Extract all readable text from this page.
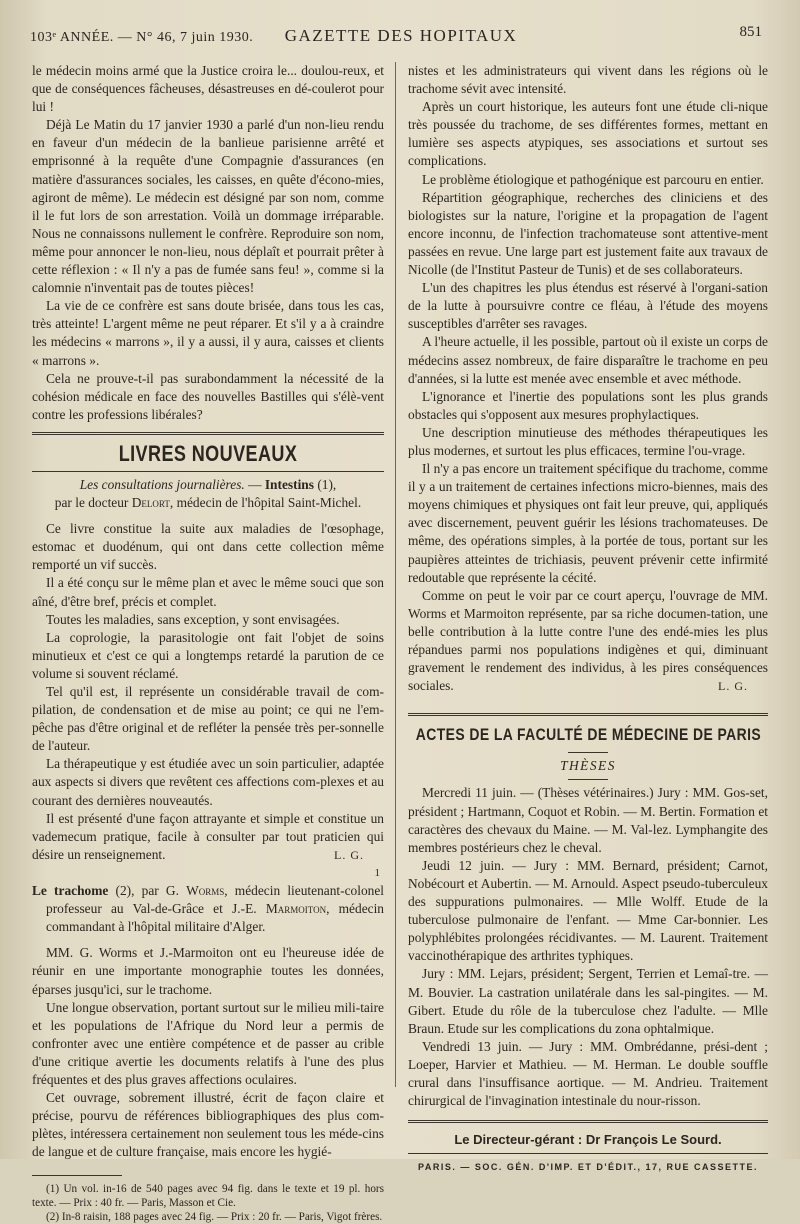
103ᵉ ANNÉE. — N° 46, 7 juin 1930.	GAZETTE DES HOPITAUX	851

le médecin moins armé que la Justice croira le... doulou-reux, et que de conséquences fâcheuses, désastreuses en dé-coulerot pour lui !

Déjà Le Matin du 17 janvier 1930 a parlé d'un non-lieu rendu en faveur d'un médecin de la banlieue parisienne arrêté et emprisonné à la requête d'une Compagnie d'assurances (en matière d'assurances sociales, les caisses, en quête d'écono-mies, agiront de même). Le médecin est désigné par son nom, comme il le fut lors de son arrestation. Voilà un dommage irréparable. Nous ne connaissons nullement le confrère. Reproduire son nom, même pour annoncer le non-lieu, nous déplaît et pourrait prêter à cette réflexion : « Il n'y a pas de fumée sans feu! », comme si la calomnie n'inventait pas de toutes pièces!

La vie de ce confrère est sans doute brisée, dans tous les cas, très atteinte! L'argent même ne peut réparer. Et s'il y a à craindre les médecins « marrons », il y a aussi, il y aura, caisses et clients « marrons ».

Cela ne prouve-t-il pas surabondamment la nécessité de la cohésion médicale en face des nouvelles Bastilles qui s'élè-vent contre les professions libérales?

LIVRES NOUVEAUX

Les consultations journalières. — Intestins (1),
par le docteur Delort, médecin de l'hôpital Saint-Michel.

Ce livre constitue la suite aux maladies de l'œsophage, estomac et duodénum, qui ont dans cette collection même remporté un vif succès.

Il a été conçu sur le même plan et avec le même souci que son aîné, d'être bref, précis et complet.

Toutes les maladies, sans exception, y sont envisagées.

La coprologie, la parasitologie ont fait l'objet de soins minutieux et c'est ce qui a longtemps retardé la parution de ce volume si souvent réclamé.

Tel qu'il est, il représente un considérable travail de com-pilation, de condensation et de mise au point; ce qui ne l'em-pêche pas d'être original et de refléter la pensée très per-sonnelle de l'auteur.

La thérapeutique y est étudiée avec un soin particulier, adaptée aux aspects si divers que revêtent ces affections com-plexes et au courant des dernières nouveautés.

Il est présenté d'une façon attrayante et simple et constitue un vademecum pratique, facile à consulter par tout praticien qui désire un renseignement.	L. G.

1

Le trachome (2), par G. Worms, médecin lieutenant-colonel professeur au Val-de-Grâce et J.-E. Marmoiton, médecin commandant à l'hôpital militaire d'Alger.

MM. G. Worms et J.-Marmoiton ont eu l'heureuse idée de réunir en une importante monographie toutes les données, éparses jusqu'ici, sur le trachome.

Une longue observation, portant surtout sur le milieu mili-taire et les populations de l'Afrique du Nord leur a permis de confronter avec une entière compétence et de passer au crible d'une critique avertie les documents relatifs à l'une des plus fréquentes et des plus graves affections oculaires.

Cet ouvrage, sobrement illustré, écrit de façon claire et précise, pourvu de références bibliographiques des plus com-plètes, intéressera certainement non seulement tous les méde-cins de langue et de culture française, mais encore les hygié-

(1) Un vol. in-16 de 540 pages avec 94 fig. dans le texte et 19 pl. hors texte. — Prix : 40 fr. — Paris, Masson et Cie.

(2) In-8 raisin, 188 pages avec 24 fig. — Prix : 20 fr. — Paris, Vigot frères.

nistes et les administrateurs qui vivent dans les régions où le trachome sévit avec intensité.

Après un court historique, les auteurs font une étude cli-nique très poussée du trachome, de ses différentes formes, mettant en lumière ses aspects atypiques, ses associations et surtout ses complications.

Le problème étiologique et pathogénique est parcouru en entier.

Répartition géographique, recherches des cliniciens et des biologistes sur la nature, l'origine et la propagation de l'agent encore inconnu, de l'infection trachomateuse sont attentive-ment passées en revue. Une large part est justement faite aux travaux de Nicolle (de l'Institut Pasteur de Tunis) et de ses collaborateurs.

L'un des chapitres les plus étendus est réservé à l'organi-sation de la lutte à poursuivre contre ce fléau, à l'étude des moyens susceptibles d'arrêter ses ravages.

A l'heure actuelle, il les possible, partout où il existe un corps de médecins assez nombreux, de faire disparaître le trachome en peu d'années, si la lutte est menée avec ensemble et avec méthode.

L'ignorance et l'inertie des populations sont les plus grands obstacles qui s'opposent aux mesures prophylactiques.

Une description minutieuse des méthodes thérapeutiques les plus modernes, et surtout les plus efficaces, termine l'ou-vrage.

Il n'y a pas encore un traitement spécifique du trachome, comme il y a un traitement de certaines infections micro-biennes, mais des moyens chimiques et physiques ont fait leur preuve, qui, appliqués avec discernement, peuvent guérir les lésions trachomateuses. De même, des opérations simples, à la portée de tous, portant sur les paupières atteintes de trichiasis, peuvent prévenir cette infirmité redoutable que représente la cécité.

Comme on peut le voir par ce court aperçu, l'ouvrage de MM. Worms et Marmoiton représente, par sa riche documen-tation, une belle contribution à la lutte contre l'une des endé-mies les plus répandues parmi nos populations indigènes et qui, diminuant gravement le rendement des individus, à les pires conséquences sociales.	L. G.

ACTES DE LA FACULTÉ DE MÉDECINE DE PARIS
THÈSES

Mercredi 11 juin. — (Thèses vétérinaires.) Jury : MM. Gos-set, président ; Hartmann, Coquot et Robin. — M. Bertin. Formation et caractères des chevaux du Maine. — M. Val-lez. Lymphangite des membres postérieurs chez le cheval.

Jeudi 12 juin. — Jury : MM. Bernard, président; Carnot, Nobécourt et Aubertin. — M. Arnould. Aspect pseudo-tuberculeux des suppurations pulmonaires. — Mlle Wolff. Etude de la tuberculose pulmonaire de l'enfant. — Mme Car-bonnier. Les polyphlébites prolongées récidivantes. — M. Laurent. Traitement vaccinothérapique des arthrites typhiques.

Jury : MM. Lejars, président; Sergent, Terrien et Lemaî-tre. — M. Bouvier. La castration unilatérale dans les sal-pingites. — M. Gibert. Etude du rôle de la tuberculose chez l'adulte. — Mlle Braun. Etude sur les complications du zona ophtalmique.

Vendredi 13 juin. — Jury : MM. Ombrédanne, prési-dent ; Loeper, Harvier et Mathieu. — M. Herman. Le double souffle crural dans l'insuffisance aortique. — M. Andrieu. Traitement chirurgical de l'invagination intestinale du nour-risson.

Le Directeur-gérant : Dr François Le Sourd.
PARIS. — SOC. GÉN. D'IMP. ET D'ÉDIT., 17, RUE CASSETTE.
